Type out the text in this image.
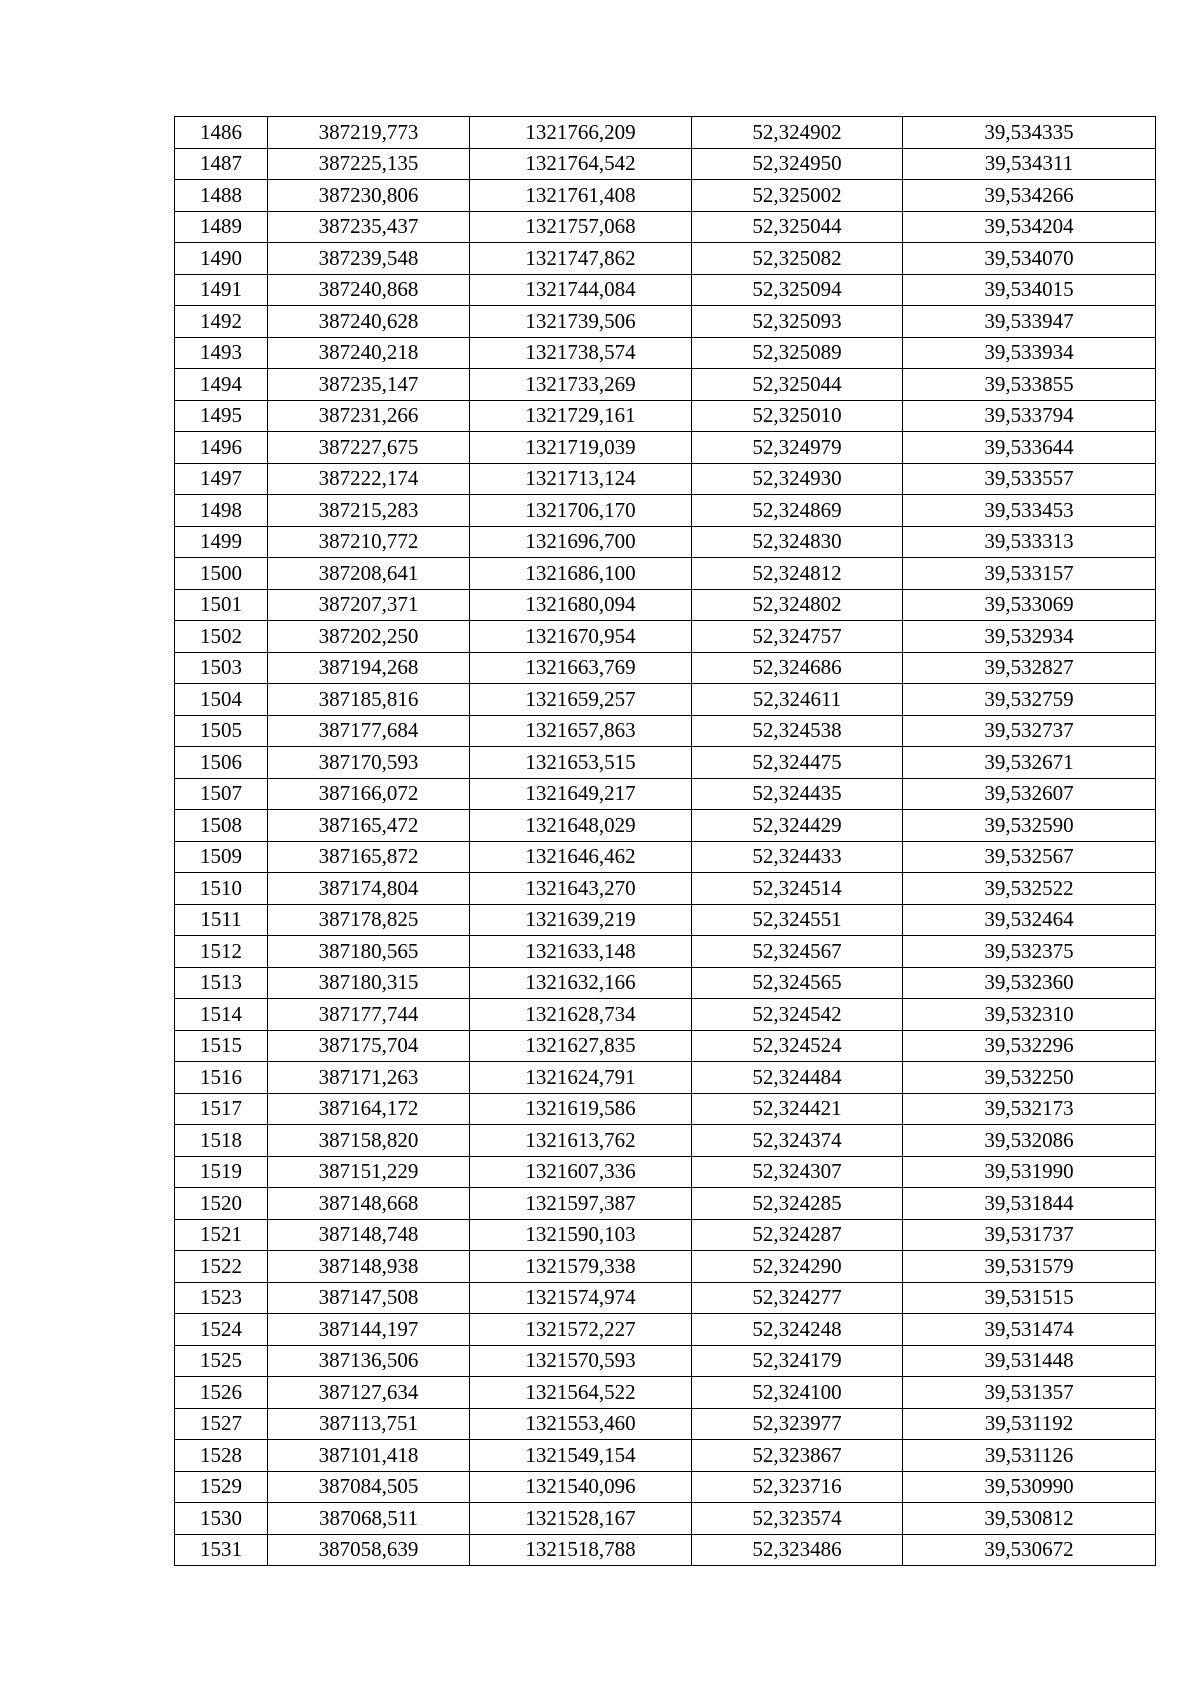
1486	387219,773	1321766,209	52,324902	39,534335
1487	387225,135	1321764,542	52,324950	39,534311
1488	387230,806	1321761,408	52,325002	39,534266
1489	387235,437	1321757,068	52,325044	39,534204
1490	387239,548	1321747,862	52,325082	39,534070
1491	387240,868	1321744,084	52,325094	39,534015
1492	387240,628	1321739,506	52,325093	39,533947
1493	387240,218	1321738,574	52,325089	39,533934
1494	387235,147	1321733,269	52,325044	39,533855
1495	387231,266	1321729,161	52,325010	39,533794
1496	387227,675	1321719,039	52,324979	39,533644
1497	387222,174	1321713,124	52,324930	39,533557
1498	387215,283	1321706,170	52,324869	39,533453
1499	387210,772	1321696,700	52,324830	39,533313
1500	387208,641	1321686,100	52,324812	39,533157
1501	387207,371	1321680,094	52,324802	39,533069
1502	387202,250	1321670,954	52,324757	39,532934
1503	387194,268	1321663,769	52,324686	39,532827
1504	387185,816	1321659,257	52,324611	39,532759
1505	387177,684	1321657,863	52,324538	39,532737
1506	387170,593	1321653,515	52,324475	39,532671
1507	387166,072	1321649,217	52,324435	39,532607
1508	387165,472	1321648,029	52,324429	39,532590
1509	387165,872	1321646,462	52,324433	39,532567
1510	387174,804	1321643,270	52,324514	39,532522
1511	387178,825	1321639,219	52,324551	39,532464
1512	387180,565	1321633,148	52,324567	39,532375
1513	387180,315	1321632,166	52,324565	39,532360
1514	387177,744	1321628,734	52,324542	39,532310
1515	387175,704	1321627,835	52,324524	39,532296
1516	387171,263	1321624,791	52,324484	39,532250
1517	387164,172	1321619,586	52,324421	39,532173
1518	387158,820	1321613,762	52,324374	39,532086
1519	387151,229	1321607,336	52,324307	39,531990
1520	387148,668	1321597,387	52,324285	39,531844
1521	387148,748	1321590,103	52,324287	39,531737
1522	387148,938	1321579,338	52,324290	39,531579
1523	387147,508	1321574,974	52,324277	39,531515
1524	387144,197	1321572,227	52,324248	39,531474
1525	387136,506	1321570,593	52,324179	39,531448
1526	387127,634	1321564,522	52,324100	39,531357
1527	387113,751	1321553,460	52,323977	39,531192
1528	387101,418	1321549,154	52,323867	39,531126
1529	387084,505	1321540,096	52,323716	39,530990
1530	387068,511	1321528,167	52,323574	39,530812
1531	387058,639	1321518,788	52,323486	39,530672
